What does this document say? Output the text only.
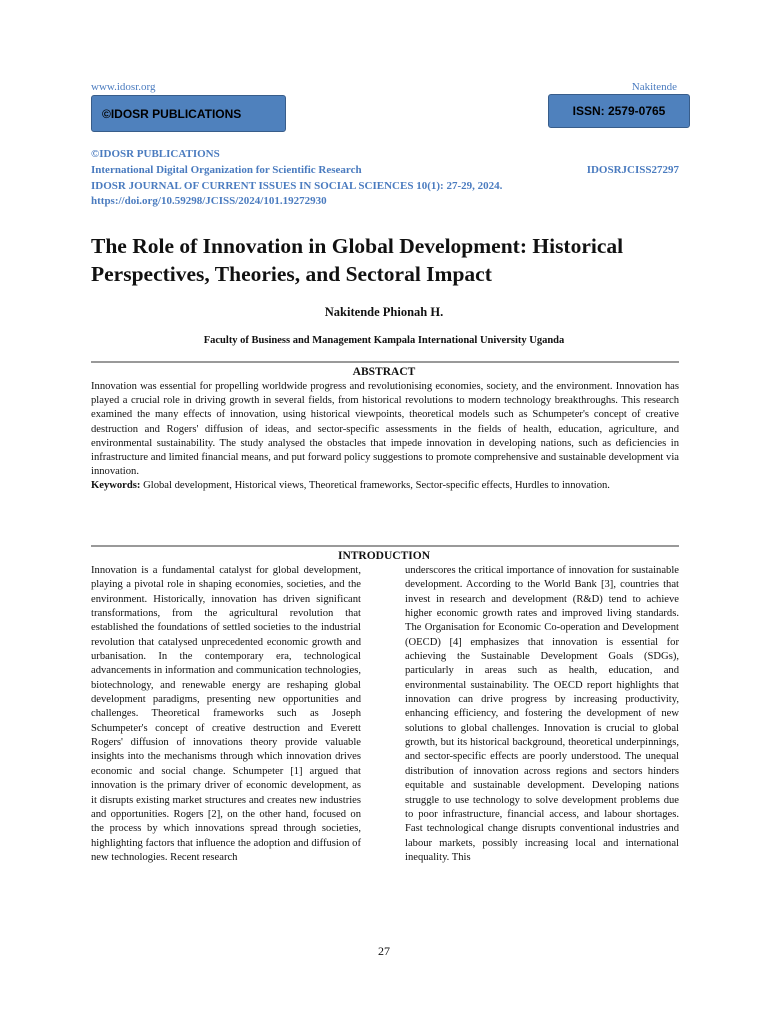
www.idosr.org	Nakitende
©IDOSR PUBLICATIONS	ISSN: 2579-0765
©IDOSR PUBLICATIONS
International Digital Organization for Scientific Research	IDOSRJCISS27297
IDOSR JOURNAL OF CURRENT ISSUES IN SOCIAL SCIENCES 10(1): 27-29, 2024.
https://doi.org/10.59298/JCISS/2024/101.19272930
The Role of Innovation in Global Development: Historical Perspectives, Theories, and Sectoral Impact
Nakitende Phionah H.
Faculty of Business and Management Kampala International University Uganda
ABSTRACT

Innovation was essential for propelling worldwide progress and revolutionising economies, society, and the environment. Innovation has played a crucial role in driving growth in several fields, from historical revolutions to modern technology breakthroughs. This research examined the many effects of innovation, using historical viewpoints, theoretical models such as Schumpeter's concept of creative destruction and Rogers' diffusion of ideas, and sector-specific assessments in the fields of health, education, agriculture, and environmental sustainability. The study analysed the obstacles that impede innovation in developing nations, such as deficiencies in infrastructure and limited financial means, and put forward policy suggestions to promote comprehensive and sustainable development via innovation.

Keywords: Global development, Historical views, Theoretical frameworks, Sector-specific effects, Hurdles to innovation.

INTRODUCTION
Innovation is a fundamental catalyst for global development, playing a pivotal role in shaping economies, societies, and the environment. Historically, innovation has driven significant transformations, from the agricultural revolution that established the foundations of settled societies to the industrial revolution that catalysed unprecedented economic growth and urbanisation. In the contemporary era, technological advancements in information and communication technologies, biotechnology, and renewable energy are reshaping global development paradigms, presenting new opportunities and challenges. Theoretical frameworks such as Joseph Schumpeter's concept of creative destruction and Everett Rogers' diffusion of innovations theory provide valuable insights into the mechanisms through which innovation drives economic and social change. Schumpeter [1] argued that innovation is the primary driver of economic development, as it disrupts existing market structures and creates new industries and opportunities. Rogers [2], on the other hand, focused on the process by which innovations spread through societies, highlighting factors that influence the adoption and diffusion of new technologies. Recent research
underscores the critical importance of innovation for sustainable development. According to the World Bank [3], countries that invest in research and development (R&D) tend to achieve higher economic growth rates and improved living standards. The Organisation for Economic Co-operation and Development (OECD) [4] emphasizes that innovation is essential for achieving the Sustainable Development Goals (SDGs), particularly in areas such as health, education, and environmental sustainability. The OECD report highlights that innovation can drive progress by increasing productivity, enhancing efficiency, and fostering the development of new solutions to global challenges. Innovation is crucial to global growth, but its historical background, theoretical underpinnings, and sector-specific effects are poorly understood. The unequal distribution of innovation across regions and sectors hinders equitable and sustainable development. Developing nations struggle to use technology to solve development problems due to poor infrastructure, financial access, and labour shortages. Fast technological change disrupts conventional industries and labour markets, possibly increasing local and international inequality. This
27
